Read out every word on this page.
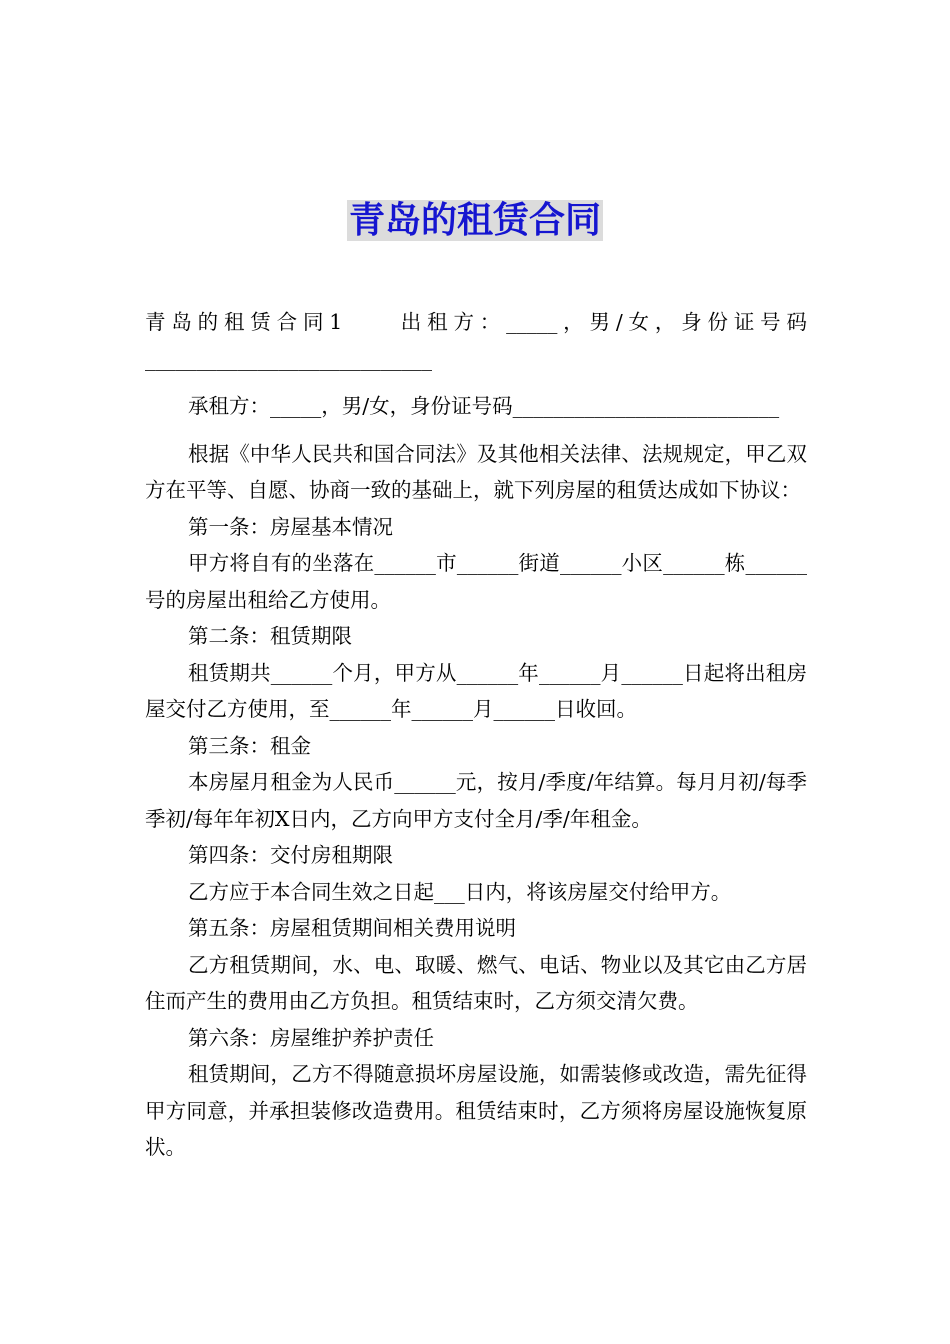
青岛的租赁合同

青岛的租赁合同1　　出租方：_____，男/女，身份证号码____________________________

承租方：_____，男/女，身份证号码__________________________

根据《中华人民共和国合同法》及其他相关法律、法规规定，甲乙双方在平等、自愿、协商一致的基础上，就下列房屋的租赁达成如下协议：

第一条：房屋基本情况

甲方将自有的坐落在______市______街道______小区______栋______号的房屋出租给乙方使用。

第二条：租赁期限

租赁期共______个月，甲方从______年______月______日起将出租房屋交付乙方使用，至______年______月______日收回。

第三条：租金

本房屋月租金为人民币______元，按月/季度/年结算。每月月初/每季季初/每年年初X日内，乙方向甲方支付全月/季/年租金。

第四条：交付房租期限

乙方应于本合同生效之日起___日内，将该房屋交付给甲方。

第五条：房屋租赁期间相关费用说明

乙方租赁期间，水、电、取暖、燃气、电话、物业以及其它由乙方居住而产生的费用由乙方负担。租赁结束时，乙方须交清欠费。

第六条：房屋维护养护责任

租赁期间，乙方不得随意损坏房屋设施，如需装修或改造，需先征得甲方同意，并承担装修改造费用。租赁结束时，乙方须将房屋设施恢复原状。
